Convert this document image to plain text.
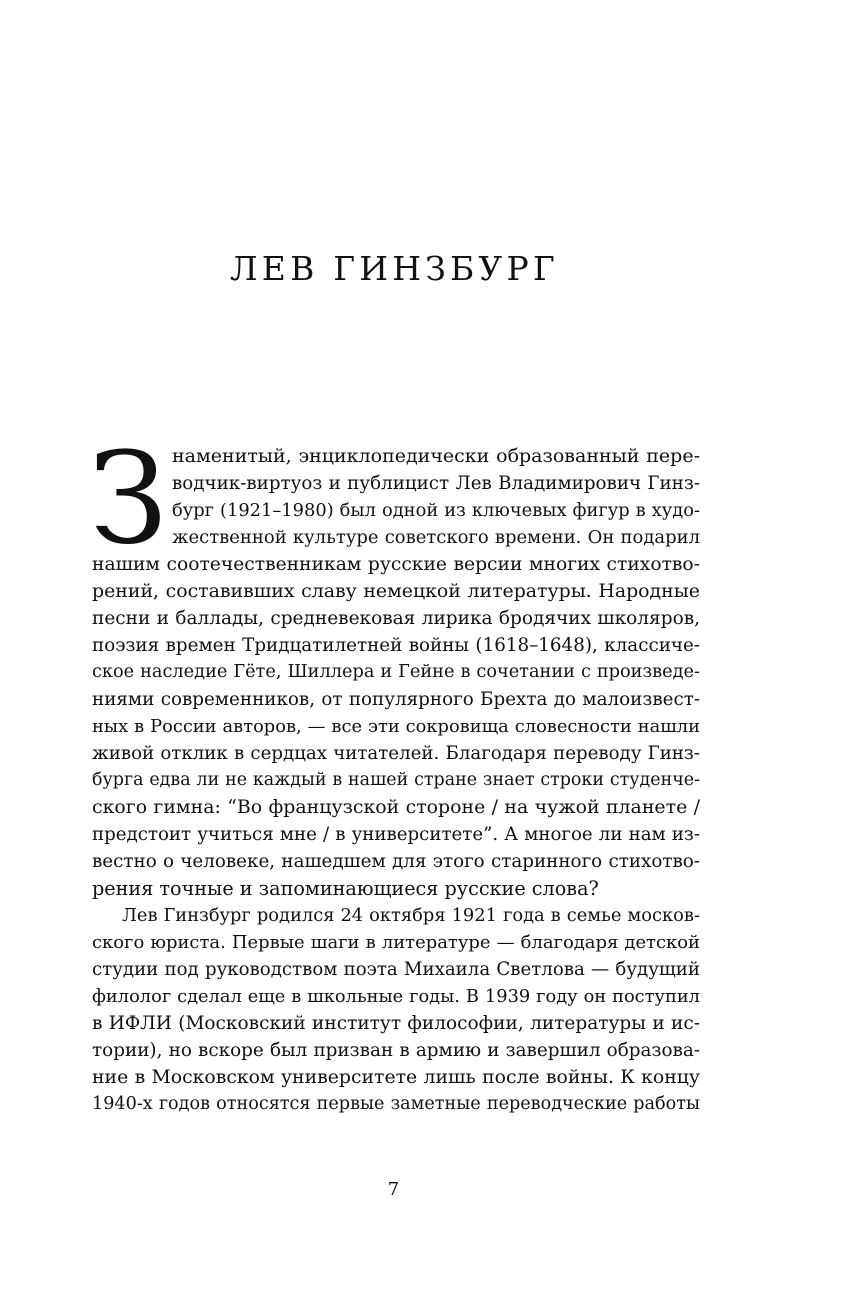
ЛЕВ ГИНЗБУРГ
З наменитый, энциклопедически образованный пере-
водчик-виртуоз и публицист Лев Владимирович Гинз-
бург (1921–1980) был одной из ключевых фигур в худо-
жественной культуре советского времени. Он подарил
нашим соотечественникам русские версии многих стихотво-
рений, составивших славу немецкой литературы. Народные
песни и баллады, средневековая лирика бродячих школяров,
поэзия времен Тридцатилетней войны (1618–1648), классиче-
ское наследие Гёте, Шиллера и Гейне в сочетании с произведе-
ниями современников, от популярного Брехта до малоизвест-
ных в России авторов, — все эти сокровища словесности нашли
живой отклик в сердцах читателей. Благодаря переводу Гинз-
бурга едва ли не каждый в нашей стране знает строки студенче-
ского гимна: “Во французской стороне / на чужой планете /
предстоит учиться мне / в университете”. А многое ли нам из-
вестно о человеке, нашедшем для этого старинного стихотво-
рения точные и запоминающиеся русские слова?
Лев Гинзбург родился 24 октября 1921 года в семье москов-
ского юриста. Первые шаги в литературе — благодаря детской
студии под руководством поэта Михаила Светлова — будущий
филолог сделал еще в школьные годы. В 1939 году он поступил
в ИФЛИ (Московский институт философии, литературы и ис-
тории), но вскоре был призван в армию и завершил образова-
ние в Московском университете лишь после войны. К концу
1940-х годов относятся первые заметные переводческие работы
7
